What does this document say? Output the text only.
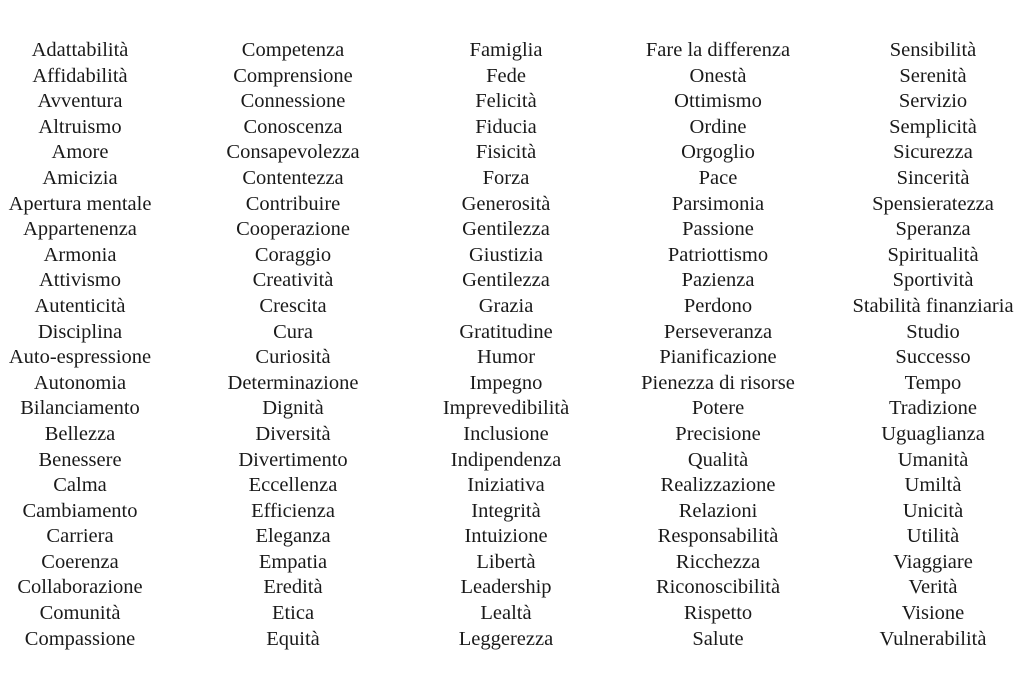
Adattabilità
Affidabilità
Avventura
Altruismo
Amore
Amicizia
Apertura mentale
Appartenenza
Armonia
Attivismo
Autenticità
Disciplina
Auto-espressione
Autonomia
Bilanciamento
Bellezza
Benessere
Calma
Cambiamento
Carriera
Coerenza
Collaborazione
Comunità
Compassione
Competenza
Comprensione
Connessione
Conoscenza
Consapevolezza
Contentezza
Contribuire
Cooperazione
Coraggio
Creatività
Crescita
Cura
Curiosità
Determinazione
Dignità
Diversità
Divertimento
Eccellenza
Efficienza
Eleganza
Empatia
Eredità
Etica
Equità
Famiglia
Fede
Felicità
Fiducia
Fisicità
Forza
Generosità
Gentilezza
Giustizia
Gentilezza
Grazia
Gratitudine
Humor
Impegno
Imprevedibilità
Inclusione
Indipendenza
Iniziativa
Integrità
Intuizione
Libertà
Leadership
Lealtà
Leggerezza
Fare la differenza
Onestà
Ottimismo
Ordine
Orgoglio
Pace
Parsimonia
Passione
Patriottismo
Pazienza
Perdono
Perseveranza
Pianificazione
Pienezza di risorse
Potere
Precisione
Qualità
Realizzazione
Relazioni
Responsabilità
Ricchezza
Riconoscibilità
Rispetto
Salute
Sensibilità
Serenità
Servizio
Semplicità
Sicurezza
Sincerità
Spensieratezza
Speranza
Spiritualità
Sportività
Stabilità finanziaria
Studio
Successo
Tempo
Tradizione
Uguaglianza
Umanità
Umiltà
Unicità
Utilità
Viaggiare
Verità
Visione
Vulnerabilità
